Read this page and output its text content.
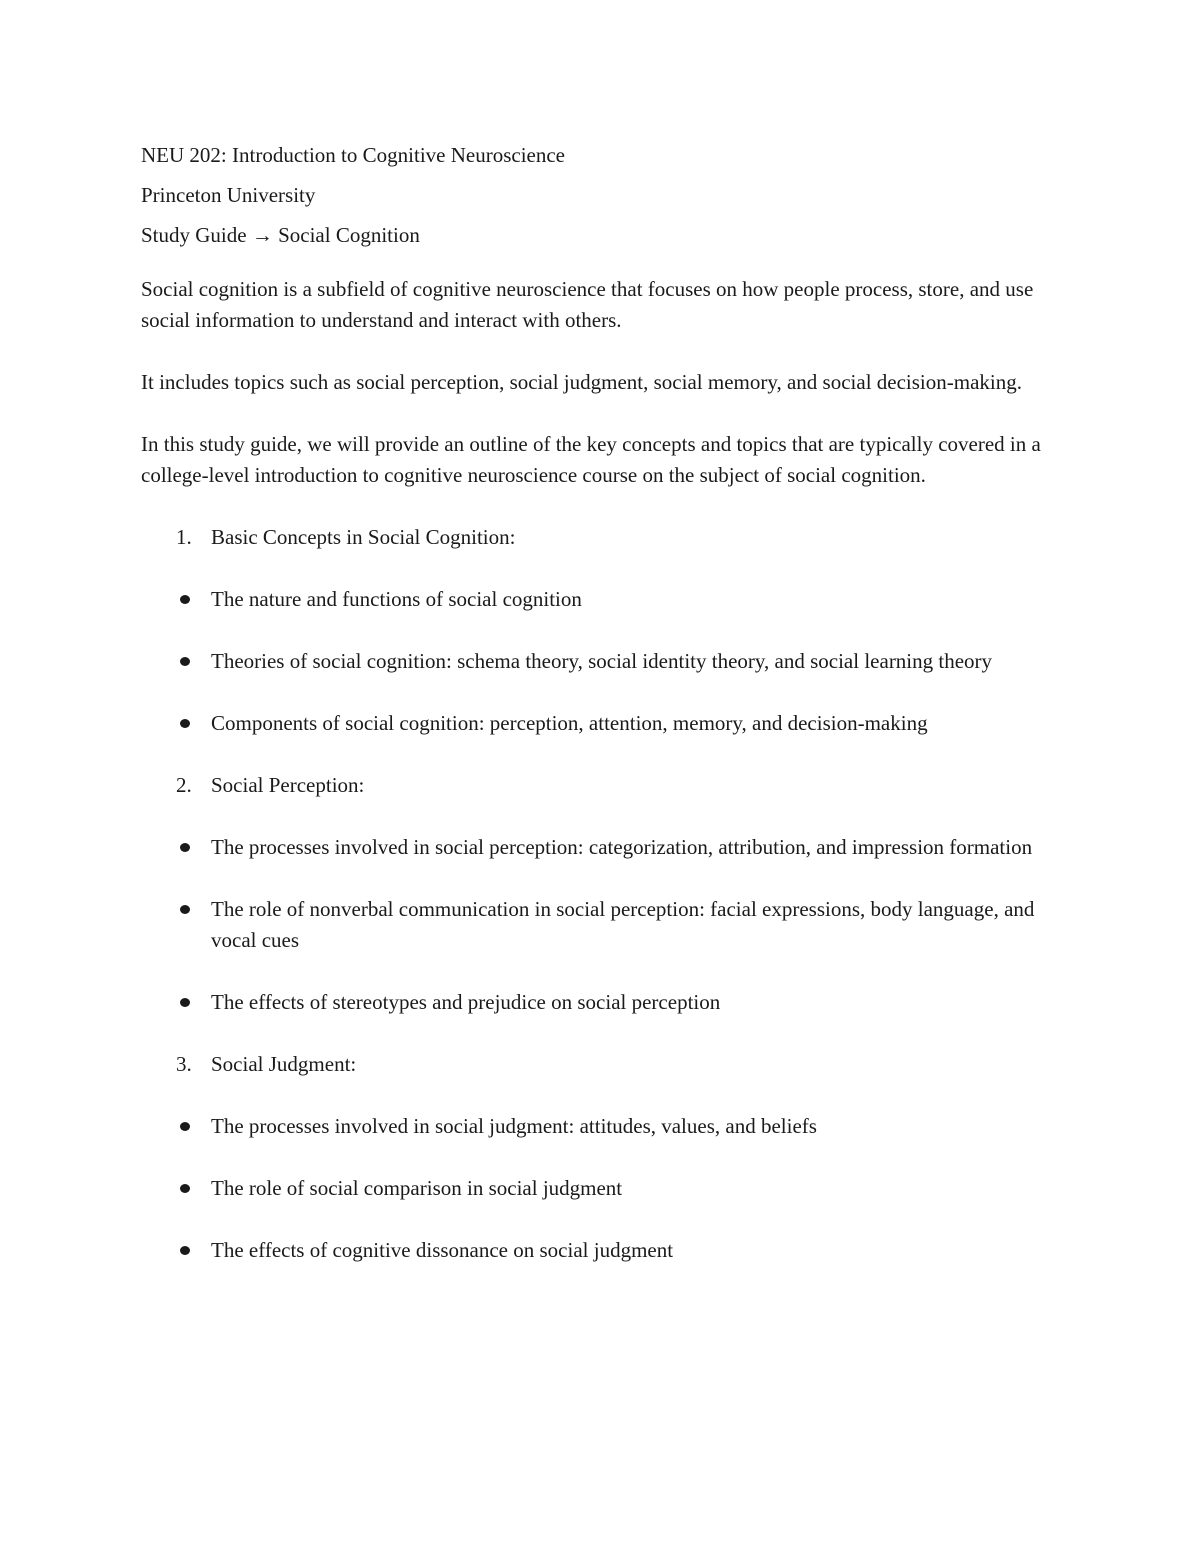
NEU 202: Introduction to Cognitive Neuroscience

Princeton University

Study Guide → Social Cognition

Social cognition is a subfield of cognitive neuroscience that focuses on how people process, store, and use social information to understand and interact with others.

It includes topics such as social perception, social judgment, social memory, and social decision-making.

In this study guide, we will provide an outline of the key concepts and topics that are typically covered in a college-level introduction to cognitive neuroscience course on the subject of social cognition.

1. Basic Concepts in Social Cognition:
The nature and functions of social cognition
Theories of social cognition: schema theory, social identity theory, and social learning theory
Components of social cognition: perception, attention, memory, and decision-making
2. Social Perception:
The processes involved in social perception: categorization, attribution, and impression formation
The role of nonverbal communication in social perception: facial expressions, body language, and vocal cues
The effects of stereotypes and prejudice on social perception
3. Social Judgment:
The processes involved in social judgment: attitudes, values, and beliefs
The role of social comparison in social judgment
The effects of cognitive dissonance on social judgment
